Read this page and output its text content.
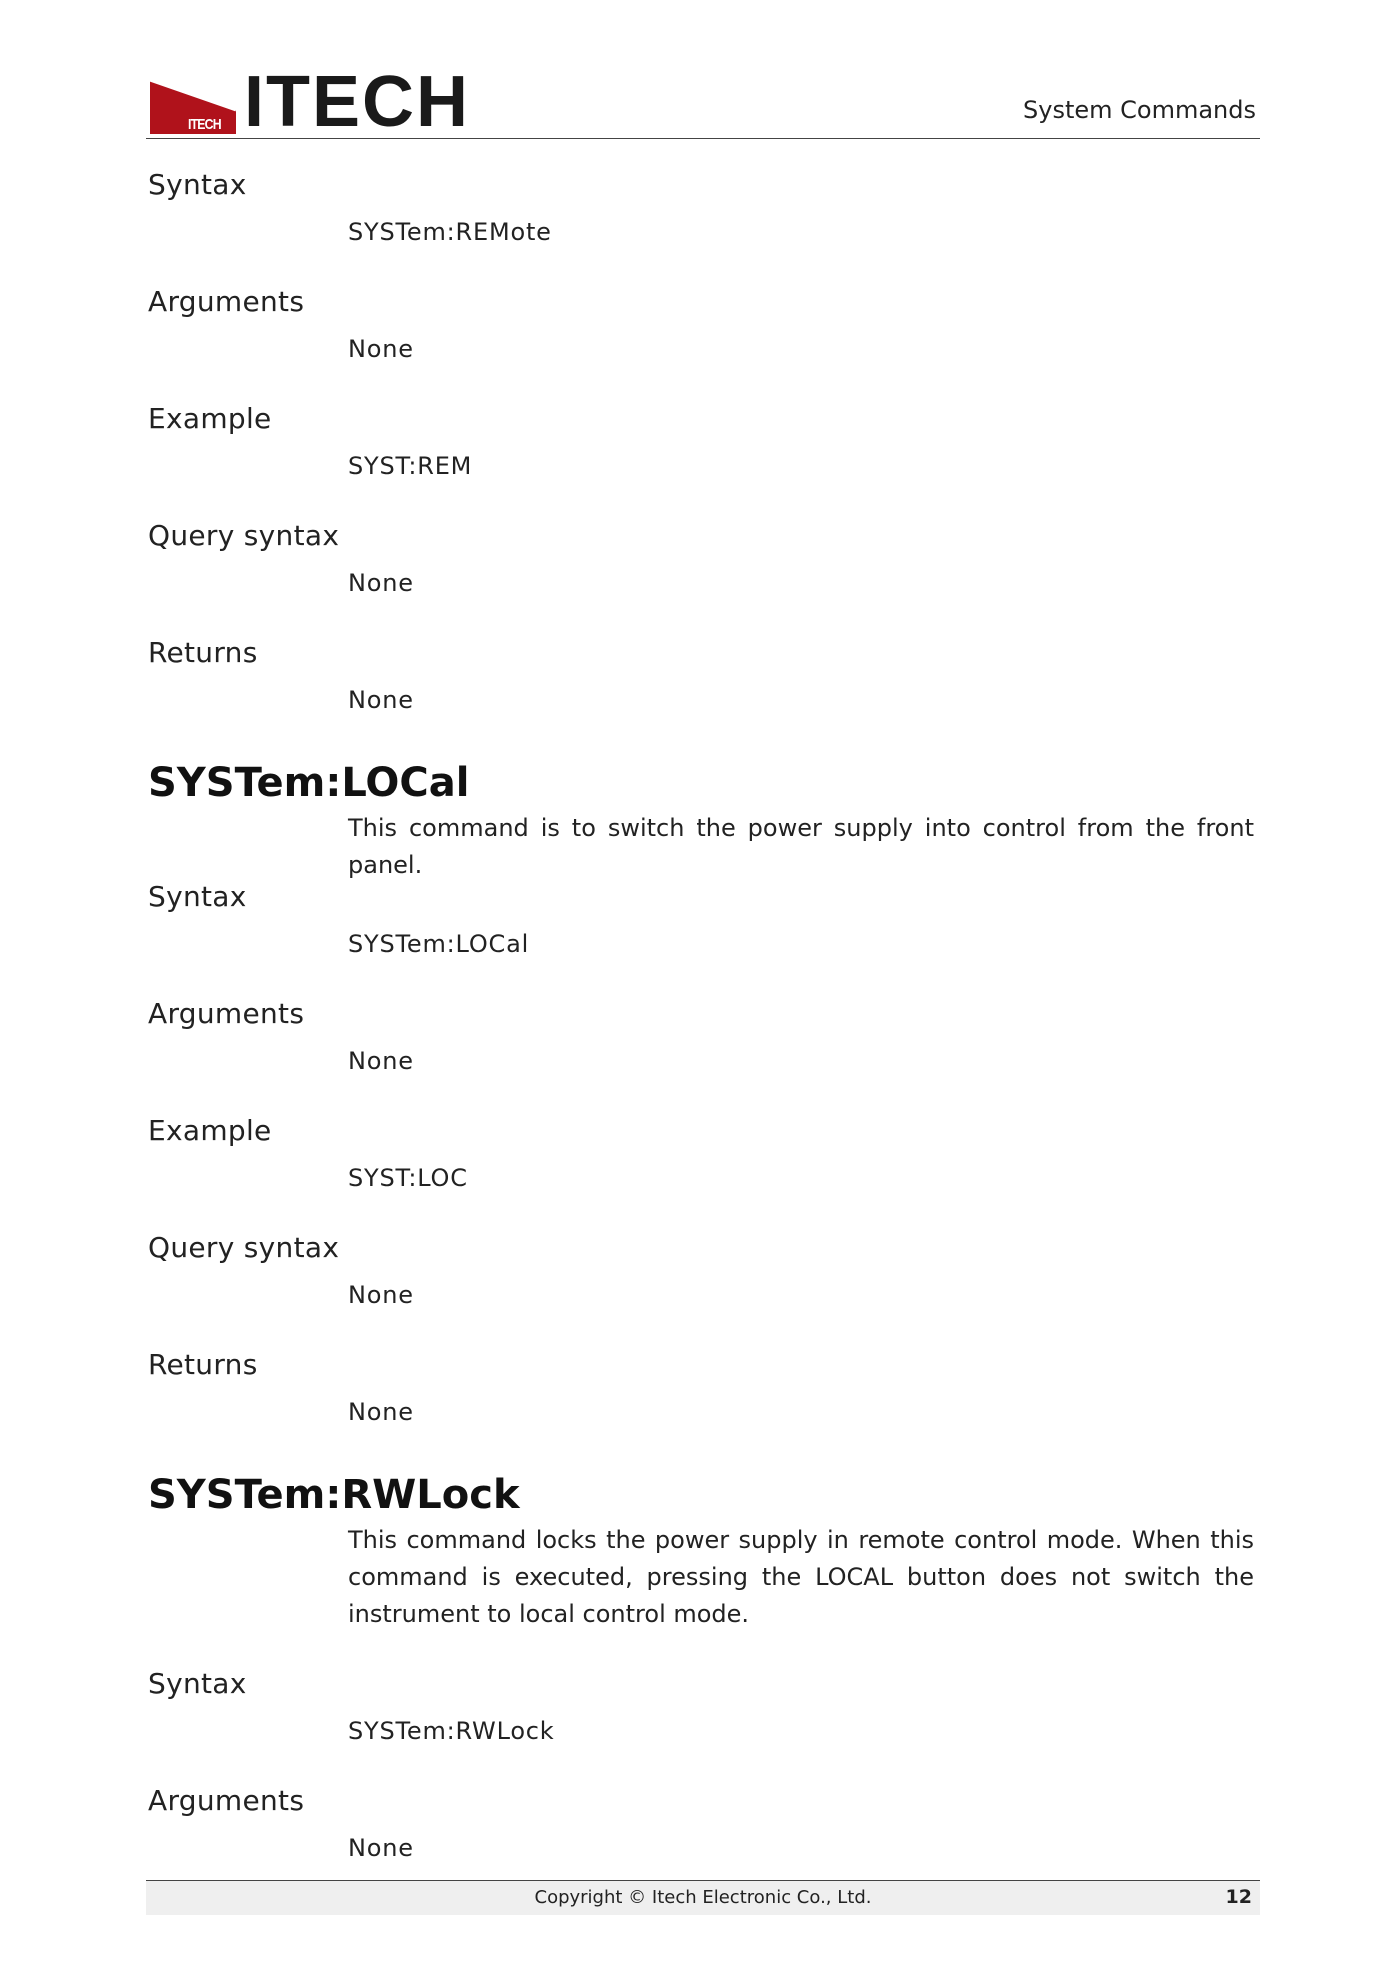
ITECH ITECH	System Commands
Syntax
SYSTem:REMote
Arguments
None
Example
SYST:REM
Query syntax
None
Returns
None
SYSTem:LOCal
This command is to switch the power supply into control from the front panel.
Syntax
SYSTem:LOCal
Arguments
None
Example
SYST:LOC
Query syntax
None
Returns
None
SYSTem:RWLock
This command locks the power supply in remote control mode. When this command is executed, pressing the LOCAL button does not switch the instrument to local control mode.
Syntax
SYSTem:RWLock
Arguments
None
Copyright © Itech Electronic Co., Ltd.	12
